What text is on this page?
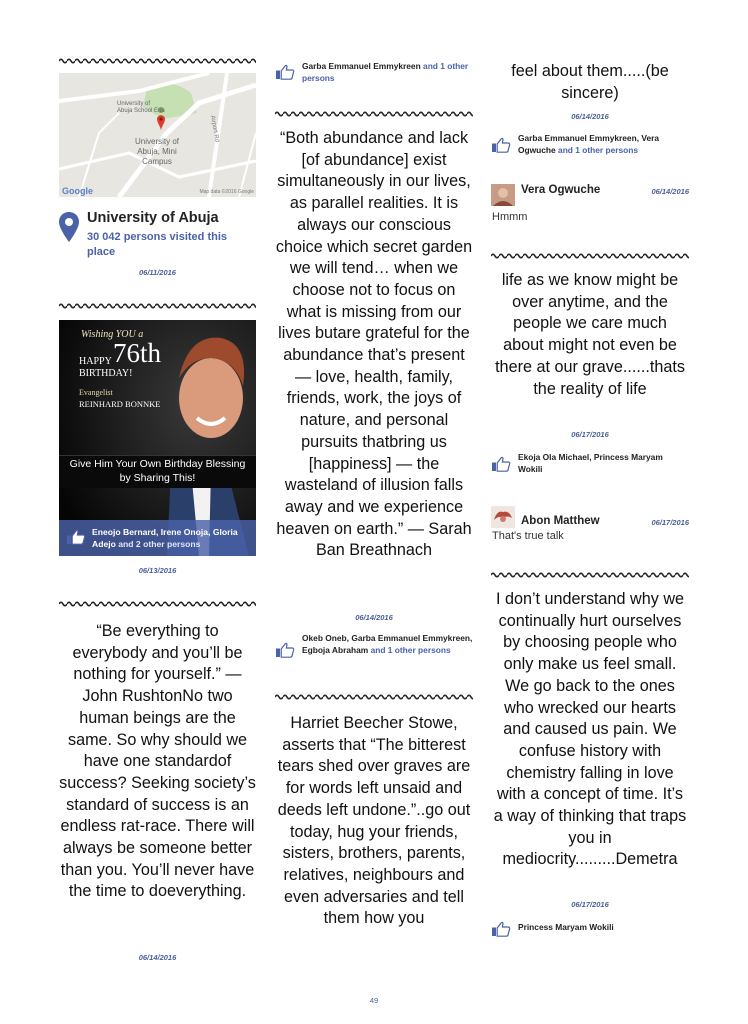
University of Abuja School Ena
University of Abuja, Mini Campus
Airport Rd
Google	Map data ©2016 Google
University of Abuja
30 042 persons visited this place
06/11/2016
Wishing YOU a
HAPPY 76th
BIRTHDAY!
Evangelist
REINHARD BONNKE
Give Him Your Own Birthday Blessing
by Sharing This!
Eneojo Bernard, Irene Onoja, Gloria Adejo and 2 other persons
06/13/2016
“Be everything to everybody and you’ll be nothing for yourself.” — John RushtonNo two human beings are the same. So why should we have one standardof success? Seeking society’s standard of success is an endless rat-race. There will always be someone better than you. You’ll never have the time to doeverything.
06/14/2016
Garba Emmanuel Emmykreen and 1 other persons
“Both abundance and lack [of abundance] exist simultaneously in our lives, as parallel realities. It is always our conscious choice which secret garden we will tend… when we choose not to focus on what is missing from our lives butare grateful for the abundance that’s present — love, health, family, friends, work, the joys of nature, and personal pursuits thatbring us [happiness] — the wasteland of illusion falls away and we experience heaven on earth.” — Sarah Ban Breathnach
06/14/2016
Okeb Oneb, Garba Emmanuel Emmykreen, Egboja Abraham and 1 other persons
Harriet Beecher Stowe, asserts that “The bitterest tears shed over graves are for words left unsaid and deeds left undone.”..go out today, hug your friends, sisters, brothers, parents, relatives, neighbours and even adversaries and tell them how you
feel about them.....(be sincere)
06/14/2016
Garba Emmanuel Emmykreen, Vera Ogwuche and 1 other persons
Vera Ogwuche	06/14/2016
Hmmm
life as we know might be over anytime, and the people we care much about might not even be there at our grave......thats the reality of life
06/17/2016
Ekoja Ola Michael, Princess Maryam Wokili
Abon Matthew	06/17/2016
That's true talk
I don’t understand why we continually hurt ourselves by choosing people who only make us feel small. We go back to the ones who wrecked our hearts and caused us pain. We confuse history with chemistry falling in love with a concept of time. It’s a way of thinking that traps you in mediocrity.........Demetra
06/17/2016
Princess Maryam Wokili
49
